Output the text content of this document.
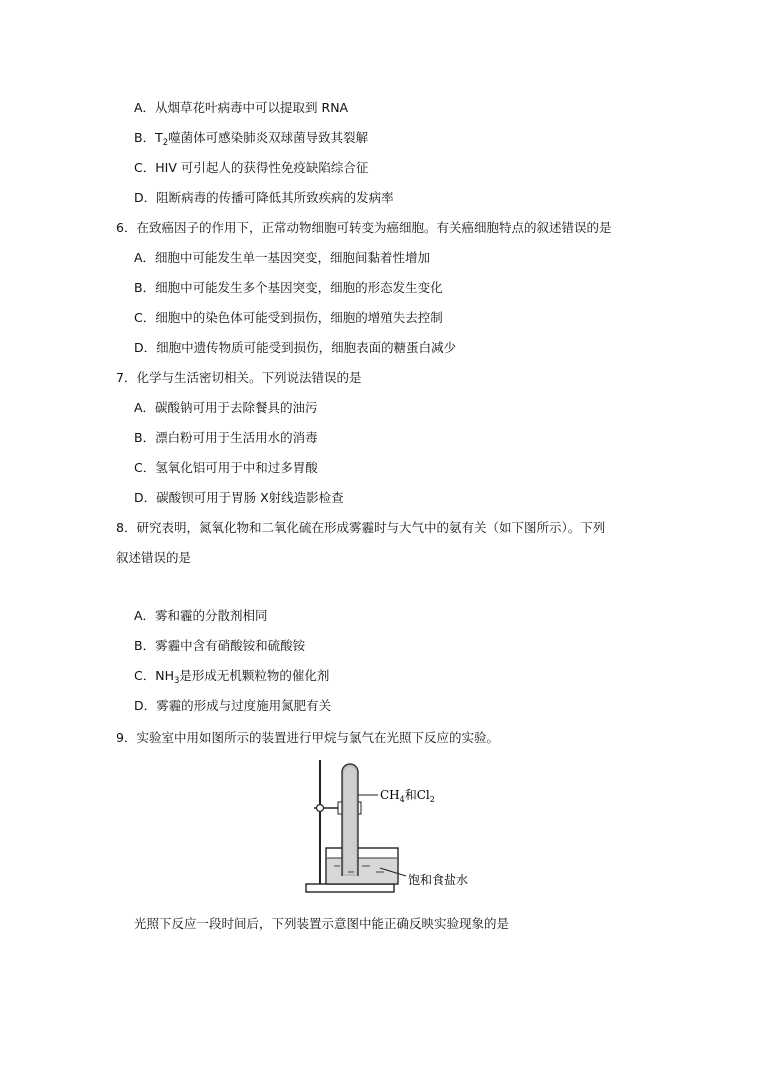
A．从烟草花叶病毒中可以提取到 RNA
B．$T_2$噬菌体可感染肺炎双球菌导致其裂解
C．HIV 可引起人的获得性免疫缺陷综合征
D．阻断病毒的传播可降低其所致疾病的发病率
6．在致癌因子的作用下，正常动物细胞可转变为癌细胞。有关癌细胞特点的叙述错误的是
A．细胞中可能发生单一基因突变，细胞间黏着性增加
B．细胞中可能发生多个基因突变，细胞的形态发生变化
C．细胞中的染色体可能受到损伤，细胞的增殖失去控制
D．细胞中遗传物质可能受到损伤，细胞表面的糖蛋白减少
7．化学与生活密切相关。下列说法错误的是
A．碳酸钠可用于去除餐具的油污
B．漂白粉可用于生活用水的消毒
C．氢氧化铝可用于中和过多胃酸
D．碳酸钡可用于胃肠 X射线造影检查
8．研究表明，氮氧化物和二氧化硫在形成雾霾时与大气中的氨有关（如下图所示）。下列
叙述错误的是
A．雾和霾的分散剂相同
B．雾霾中含有硝酸铵和硫酸铵
C．$NH_3$是形成无机颗粒物的催化剂
D．雾霾的形成与过度施用氮肥有关
9．实验室中用如图所示的装置进行甲烷与氯气在光照下反应的实验。
$CH_4$和$Cl_2$
饱和食盐水
光照下反应一段时间后，下列装置示意图中能正确反映实验现象的是
